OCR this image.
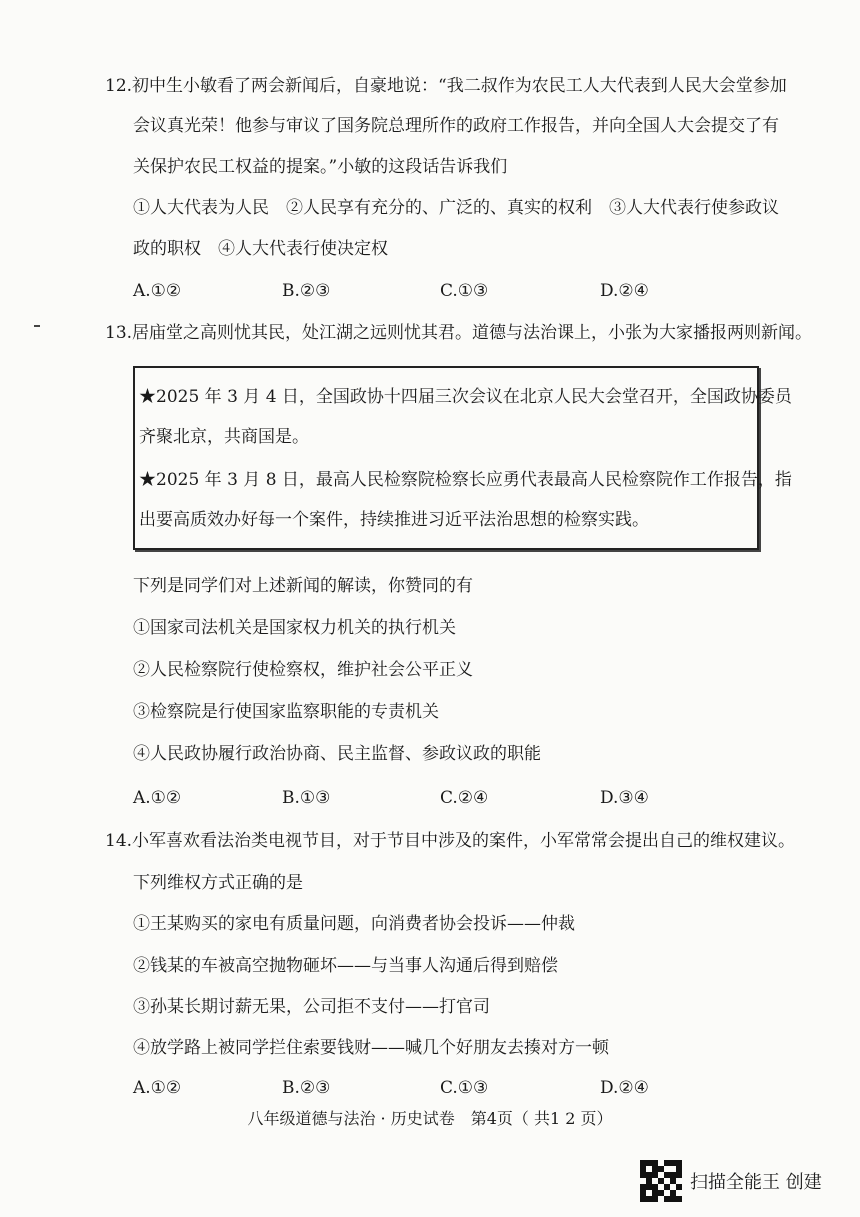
12.初中生小敏看了两会新闻后，自豪地说：“我二叔作为农民工人大代表到人民大会堂参加
会议真光荣！他参与审议了国务院总理所作的政府工作报告，并向全国人大会提交了有
关保护农民工权益的提案。”小敏的这段话告诉我们
①人大代表为人民　②人民享有充分的、广泛的、真实的权利　③人大代表行使参政议
政的职权　④人大代表行使决定权
A.①②	B.②③	C.①③	D.②④
13.居庙堂之高则忧其民，处江湖之远则忧其君。道德与法治课上，小张为大家播报两则新闻。
★2025 年 3 月 4 日，全国政协十四届三次会议在北京人民大会堂召开，全国政协委员
齐聚北京，共商国是。
★2025 年 3 月 8 日，最高人民检察院检察长应勇代表最高人民检察院作工作报告，指
出要高质效办好每一个案件，持续推进习近平法治思想的检察实践。
下列是同学们对上述新闻的解读，你赞同的有
①国家司法机关是国家权力机关的执行机关
②人民检察院行使检察权，维护社会公平正义
③检察院是行使国家监察职能的专责机关
④人民政协履行政治协商、民主监督、参政议政的职能
A.①②	B.①③	C.②④	D.③④
14.小军喜欢看法治类电视节目，对于节目中涉及的案件，小军常常会提出自己的维权建议。
下列维权方式正确的是
①王某购买的家电有质量问题，向消费者协会投诉——仲裁
②钱某的车被高空抛物砸坏——与当事人沟通后得到赔偿
③孙某长期讨薪无果，公司拒不支付——打官司
④放学路上被同学拦住索要钱财——喊几个好朋友去揍对方一顿
A.①②	B.②③	C.①③	D.②④
八年级道德与法治 · 历史试卷　第4页（ 共1 2 页）
扫描全能王 创建
